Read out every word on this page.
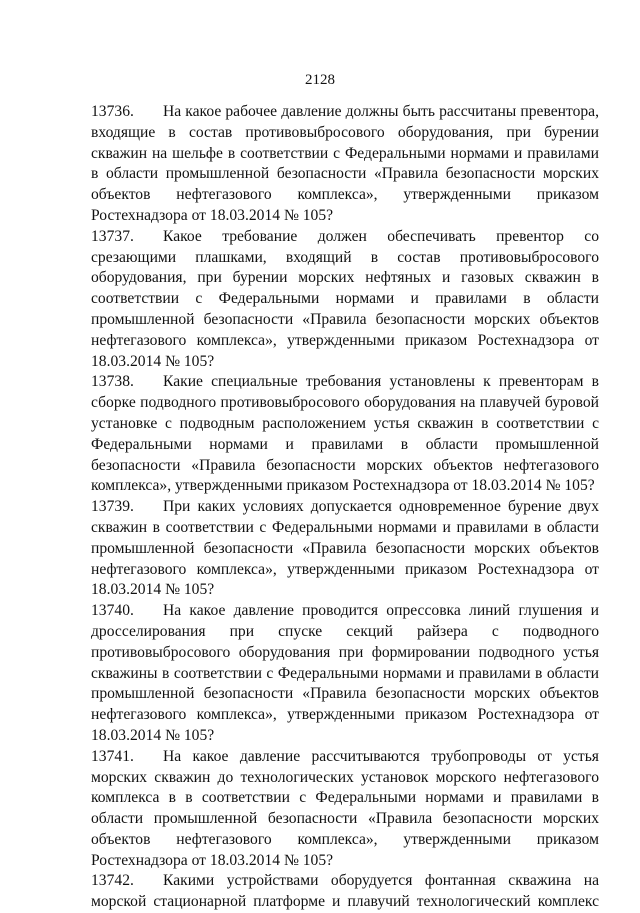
2128

13736. На какое рабочее давление должны быть рассчитаны превентора, входящие в состав противовыбросового оборудования, при бурении скважин на шельфе в соответствии с Федеральными нормами и правилами в области промышленной безопасности «Правила безопасности морских объектов нефтегазового комплекса», утвержденными приказом Ростехнадзора от 18.03.2014 № 105?

13737. Какое требование должен обеспечивать превентор со срезающими плашками, входящий в состав противовыбросового оборудования, при бурении морских нефтяных и газовых скважин в соответствии с Федеральными нормами и правилами в области промышленной безопасности «Правила безопасности морских объектов нефтегазового комплекса», утвержденными приказом Ростехнадзора от 18.03.2014 № 105?

13738. Какие специальные требования установлены к превенторам в сборке подводного противовыбросового оборудования на плавучей буровой установке с подводным расположением устья скважин в соответствии с Федеральными нормами и правилами в области промышленной безопасности «Правила безопасности морских объектов нефтегазового комплекса», утвержденными приказом Ростехнадзора от 18.03.2014 № 105?

13739. При каких условиях допускается одновременное бурение двух скважин в соответствии с Федеральными нормами и правилами в области промышленной безопасности «Правила безопасности морских объектов нефтегазового комплекса», утвержденными приказом Ростехнадзора от 18.03.2014 № 105?

13740. На какое давление проводится опрессовка линий глушения и дросселирования при спуске секций райзера с подводного противовыбросового оборудования при формировании подводного устья скважины в соответствии с Федеральными нормами и правилами в области промышленной безопасности «Правила безопасности морских объектов нефтегазового комплекса», утвержденными приказом Ростехнадзора от 18.03.2014 № 105?

13741. На какое давление рассчитываются трубопроводы от устья морских скважин до технологических установок морского нефтегазового комплекса в в соответствии с Федеральными нормами и правилами в области промышленной безопасности «Правила безопасности морских объектов нефтегазового комплекса», утвержденными приказом Ростехнадзора от 18.03.2014 № 105?

13742. Какими устройствами оборудуется фонтанная скважина на морской стационарной платформе и плавучий технологический комплекс
